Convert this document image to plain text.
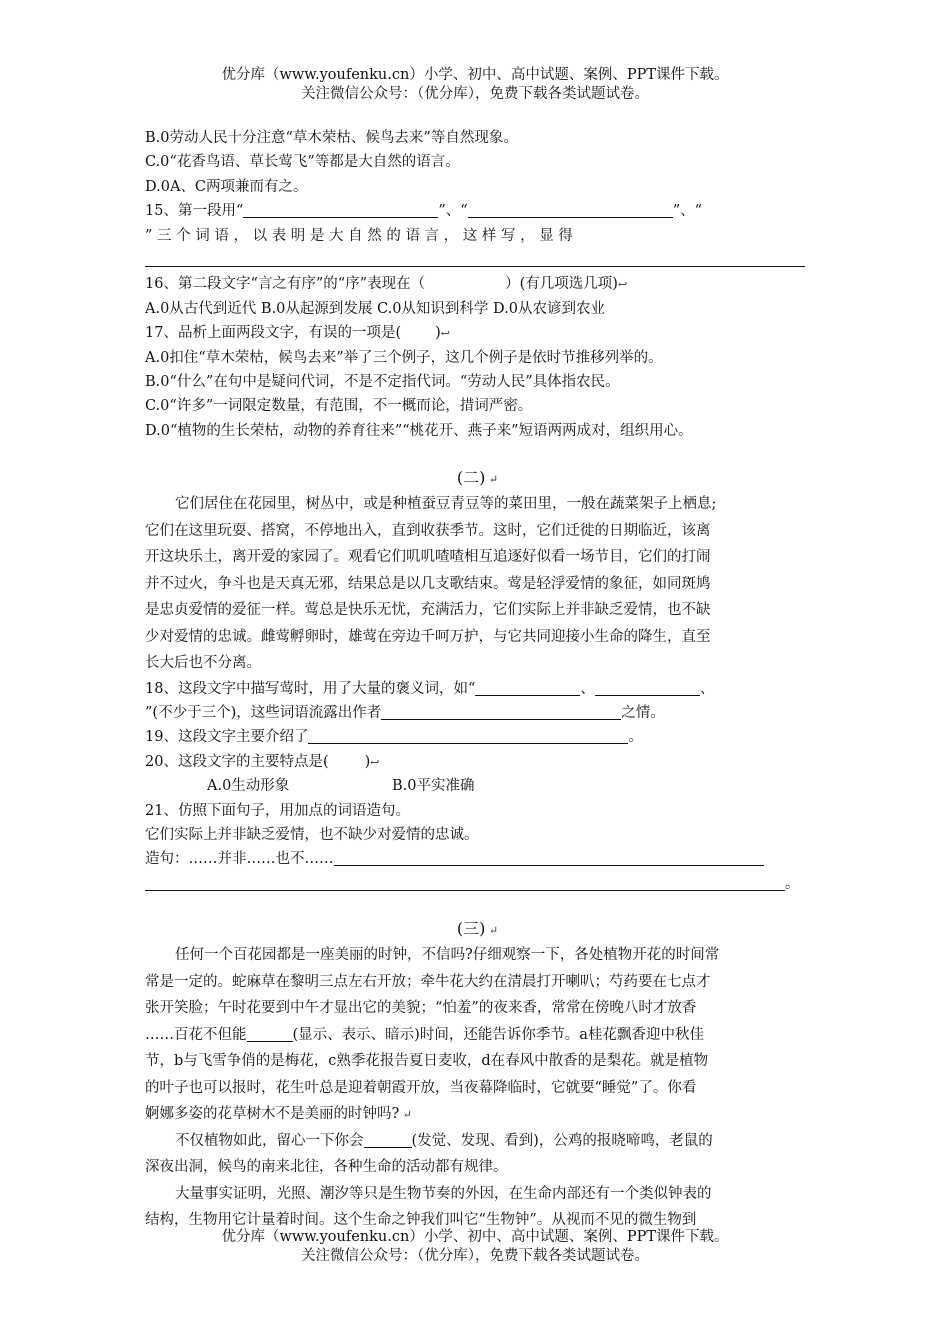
优分库（www.youfenku.cn）小学、初中、高中试题、案例、PPT课件下载。
关注微信公众号：（优分库），免费下载各类试题试卷。
B.0劳动人民十分注意“草木荣枯、候鸟去来”等自然现象。
C.0“花香鸟语、草长莺飞”等都是大自然的语言。
D.0A、C两项兼而有之。
15、第一段用“	”、“	”、“
” 三 个 词 语 ， 以 表 明 是 大 自 然 的 语 言 ， 这 样 写 ， 显 得
16、第二段文字“言之有序”的“序”表现在（	）(有几项选几项)↩
A.0从古代到近代 B.0从起源到发展 C.0从知识到科学 D.0从农谚到农业
17、品析上面两段文字，有误的一项是( )↩
A.0扣住“草木荣枯，候鸟去来”举了三个例子，这几个例子是依时节推移列举的。
B.0“什么”在句中是疑问代词，不是不定指代词。“劳动人民”具体指农民。
C.0“许多”一词限定数量，有范围，不一概而论，措词严密。
D.0“植物的生长荣枯，动物的养育往来”“桃花开、燕子来”短语两两成对，组织用心。
(二) ↵
它们居住在花园里，树丛中，或是种植蚕豆青豆等的菜田里，一般在蔬菜架子上栖息;
它们在这里玩耍、搭窝，不停地出入，直到收获季节。这时，它们迁徙的日期临近，该离
开这块乐土，离开爱的家园了。观看它们叽叽喳喳相互追逐好似看一场节目，它们的打闹
并不过火，争斗也是天真无邪，结果总是以几支歌结束。莺是轻浮爱情的象征，如同斑鸠
是忠贞爱情的爱征一样。莺总是快乐无忧，充满活力，它们实际上并非缺乏爱情，也不缺
少对爱情的忠诚。雌莺孵卵时，雄莺在旁边千呵万护，与它共同迎接小生命的降生，直至
长大后也不分离。
18、这段文字中描写莺时，用了大量的褒义词，如“	、	、
”(不少于三个)，这些词语流露出作者	之情。
19、这段文字主要介绍了	。
20、这段文字的主要特点是( )↩
A.0生动形象	B.0平实准确
21、仿照下面句子，用加点的词语造句。
它们实际上并非缺乏爱情，也不缺少对爱情的忠诚。
造句：……并非……也不……
。
(三) ↵
任何一个百花园都是一座美丽的时钟，不信吗?仔细观察一下，各处植物开花的时间常
常是一定的。蛇麻草在黎明三点左右开放；牵牛花大约在清晨打开喇叭；芍药要在七点才
张开笑脸；午时花要到中午才显出它的美貌；“怕羞”的夜来香，常常在傍晚八时才放香
……百花不但能	(显示、表示、暗示)时间，还能告诉你季节。a桂花飘香迎中秋佳
节，b与飞雪争俏的是梅花，c熟季花报告夏日麦收，d在春风中散香的是梨花。就是植物
的叶子也可以报时，花生叶总是迎着朝霞开放，当夜幕降临时，它就要“睡觉”了。你看
婀娜多姿的花草树木不是美丽的时钟吗? ↵
不仅植物如此，留心一下你会	(发觉、发现、看到)，公鸡的报晓啼鸣，老鼠的
深夜出洞，候鸟的南来北往，各种生命的活动都有规律。
大量事实证明，光照、潮汐等只是生物节奏的外因，在生命内部还有一个类似钟表的
结构，生物用它计量着时间。这个生命之钟我们叫它“生物钟”。从视而不见的微生物到
优分库（www.youfenku.cn）小学、初中、高中试题、案例、PPT课件下载。
关注微信公众号：（优分库），免费下载各类试题试卷。
